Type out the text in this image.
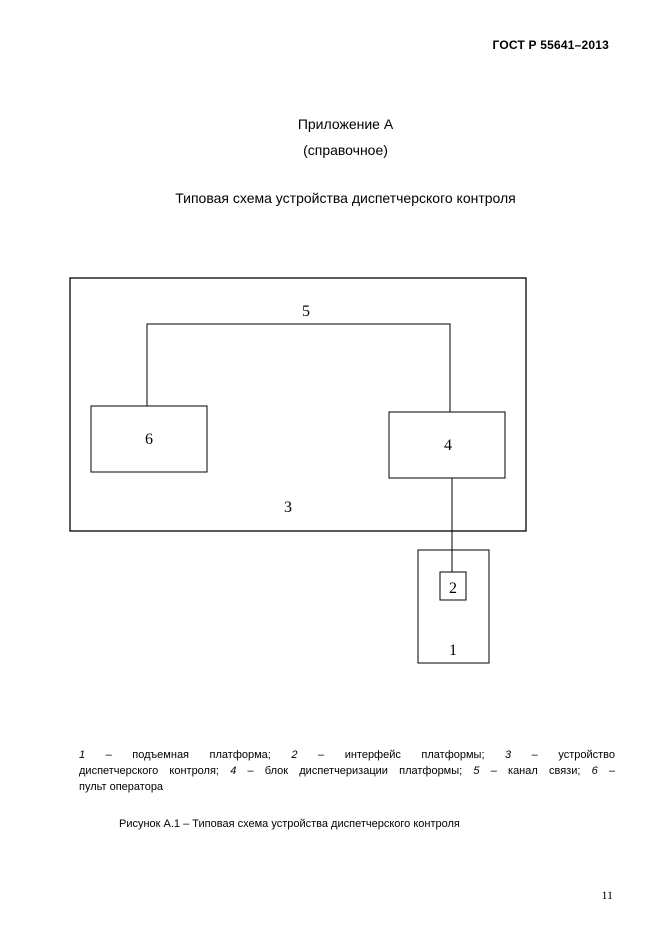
ГОСТ Р 55641–2013
Приложение А
(справочное)
Типовая схема устройства диспетчерского контроля
5
6	4
3
2
1
1 – подъемная платформа; 2 – интерфейс платформы; 3 – устройство
диспетчерского контроля; 4 – блок диспетчеризации платформы; 5 – канал связи; 6 –
пульт оператора
Рисунок А.1 – Типовая схема устройства диспетчерского контроля
11
